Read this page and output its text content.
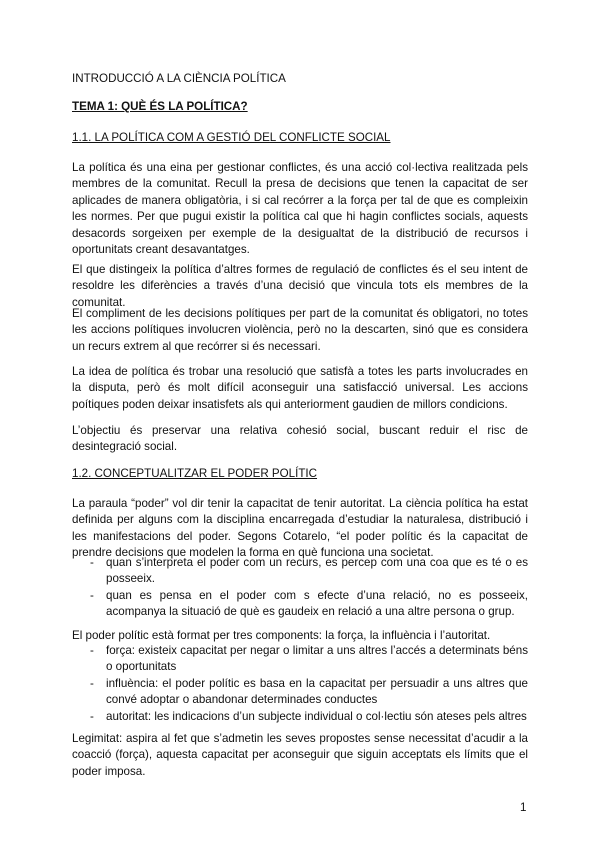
INTRODUCCIÓ A LA CIÈNCIA POLÍTICA
TEMA 1: QUÈ ÉS LA POLÍTICA?
1.1. LA POLÍTICA COM A GESTIÓ DEL CONFLICTE SOCIAL
La política és una eina per gestionar conflictes, és una acció col·lectiva realitzada pels membres de la comunitat. Recull la presa de decisions que tenen la capacitat de ser aplicades de manera obligatòria, i si cal recórrer a la força per tal de que es compleixin les normes. Per que pugui existir la política cal que hi hagin conflictes socials, aquests desacords sorgeixen per exemple de la desigualtat de la distribució de recursos i oportunitats creant desavantatges.
El que distingeix la política d’altres formes de regulació de conflictes és el seu intent de resoldre les diferències a través d’una decisió que vincula tots els membres de la comunitat.
El compliment de les decisions polítiques per part de la comunitat és obligatori, no totes les accions polítiques involucren violència, però no la descarten, sinó que es considera un recurs extrem al que recórrer si és necessari.
La idea de política és trobar una resolució que satisfà a totes les parts involucrades en la disputa, però és molt difícil aconseguir una satisfacció universal. Les accions poítiques poden deixar insatisfets als qui anteriorment gaudien de millors condicions.
L’objectiu és preservar una relativa cohesió social, buscant reduir el risc de desintegració social.
1.2. CONCEPTUALITZAR EL PODER POLÍTIC
La paraula “poder” vol dir tenir la capacitat de tenir autoritat. La ciència política ha estat definida per alguns com la disciplina encarregada d’estudiar la naturalesa, distribució i les manifestacions del poder. Segons Cotarelo, “el poder polític és la capacitat de prendre decisions que modelen la forma en què funciona una societat.
- quan s’interpreta el poder com un recurs, es percep com una coa que es té o es posseeix.
- quan es pensa en el poder com s efecte d’una relació, no es posseeix, acompanya la situació de què es gaudeix en relació a una altre persona o grup.
El poder polític està format per tres components: la força, la influència i l’autoritat.
- força: existeix capacitat per negar o limitar a uns altres l’accés a determinats béns o oportunitats
- influència: el poder polític es basa en la capacitat per persuadir a uns altres que convé adoptar o abandonar determinades conductes
- autoritat: les indicacions d’un subjecte individual o col·lectiu són ateses pels altres
Legimitat: aspira al fet que s’admetin les seves propostes sense necessitat d’acudir a la coacció (força), aquesta capacitat per aconseguir que siguin acceptats els límits que el poder imposa.
1
